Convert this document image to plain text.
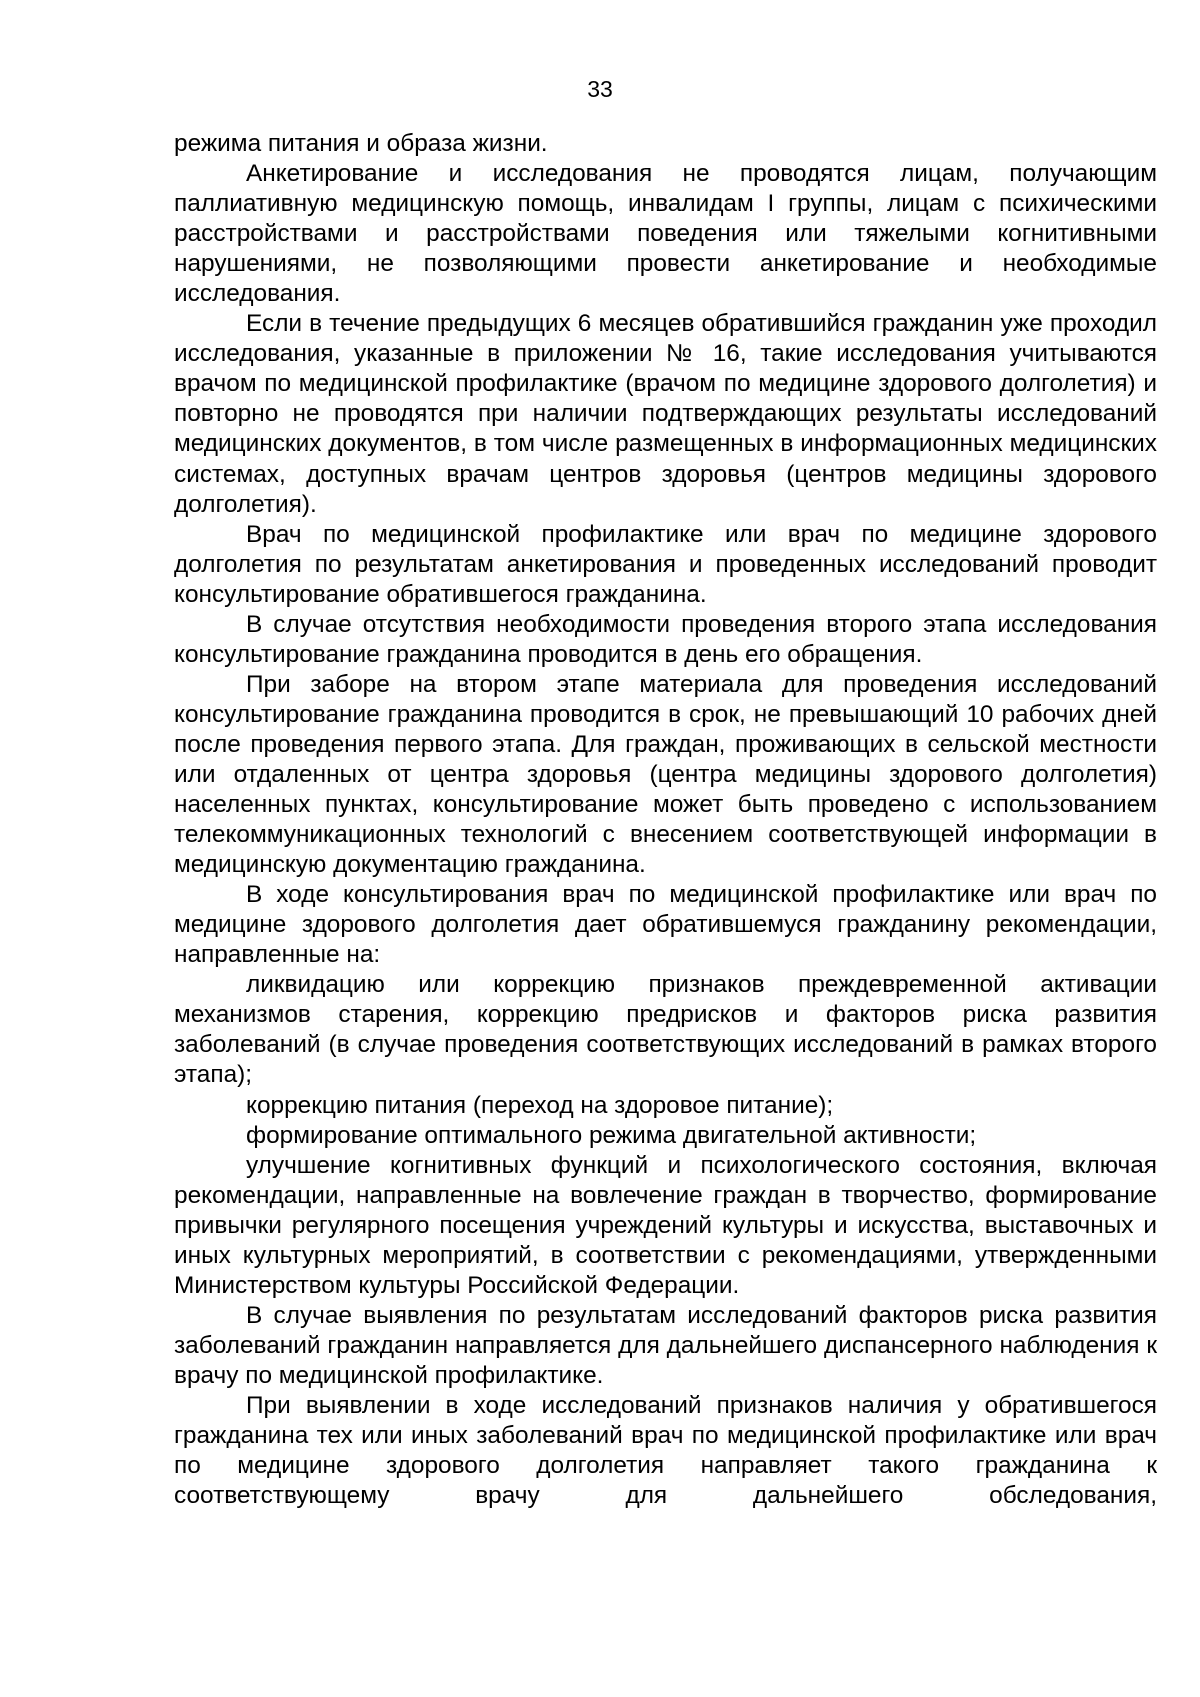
33

режима питания и образа жизни.

Анкетирование и исследования не проводятся лицам, получающим паллиативную медицинскую помощь, инвалидам I группы, лицам с психическими расстройствами и расстройствами поведения или тяжелыми когнитивными нарушениями, не позволяющими провести анкетирование и необходимые исследования.

Если в течение предыдущих 6 месяцев обратившийся гражданин уже проходил исследования, указанные в приложении № 16, такие исследования учитываются врачом по медицинской профилактике (врачом по медицине здорового долголетия) и повторно не проводятся при наличии подтверждающих результаты исследований медицинских документов, в том числе размещенных в информационных медицинских системах, доступных врачам центров здоровья (центров медицины здорового долголетия).

Врач по медицинской профилактике или врач по медицине здорового долголетия по результатам анкетирования и проведенных исследований проводит консультирование обратившегося гражданина.

В случае отсутствия необходимости проведения второго этапа исследования консультирование гражданина проводится в день его обращения.

При заборе на втором этапе материала для проведения исследований консультирование гражданина проводится в срок, не превышающий 10 рабочих дней после проведения первого этапа. Для граждан, проживающих в сельской местности или отдаленных от центра здоровья (центра медицины здорового долголетия) населенных пунктах, консультирование может быть проведено с использованием телекоммуникационных технологий с внесением соответствующей информации в медицинскую документацию гражданина.

В ходе консультирования врач по медицинской профилактике или врач по медицине здорового долголетия дает обратившемуся гражданину рекомендации, направленные на:

ликвидацию или коррекцию признаков преждевременной активации механизмов старения, коррекцию предрисков и факторов риска развития заболеваний (в случае проведения соответствующих исследований в рамках второго этапа);

коррекцию питания (переход на здоровое питание);

формирование оптимального режима двигательной активности;

улучшение когнитивных функций и психологического состояния, включая рекомендации, направленные на вовлечение граждан в творчество, формирование привычки регулярного посещения учреждений культуры и искусства, выставочных и иных культурных мероприятий, в соответствии с рекомендациями, утвержденными Министерством культуры Российской Федерации.

В случае выявления по результатам исследований факторов риска развития заболеваний гражданин направляется для дальнейшего диспансерного наблюдения к врачу по медицинской профилактике.

При выявлении в ходе исследований признаков наличия у обратившегося гражданина тех или иных заболеваний врач по медицинской профилактике или врач по медицине здорового долголетия направляет такого гражданина к соответствующему врачу для дальнейшего обследования,
